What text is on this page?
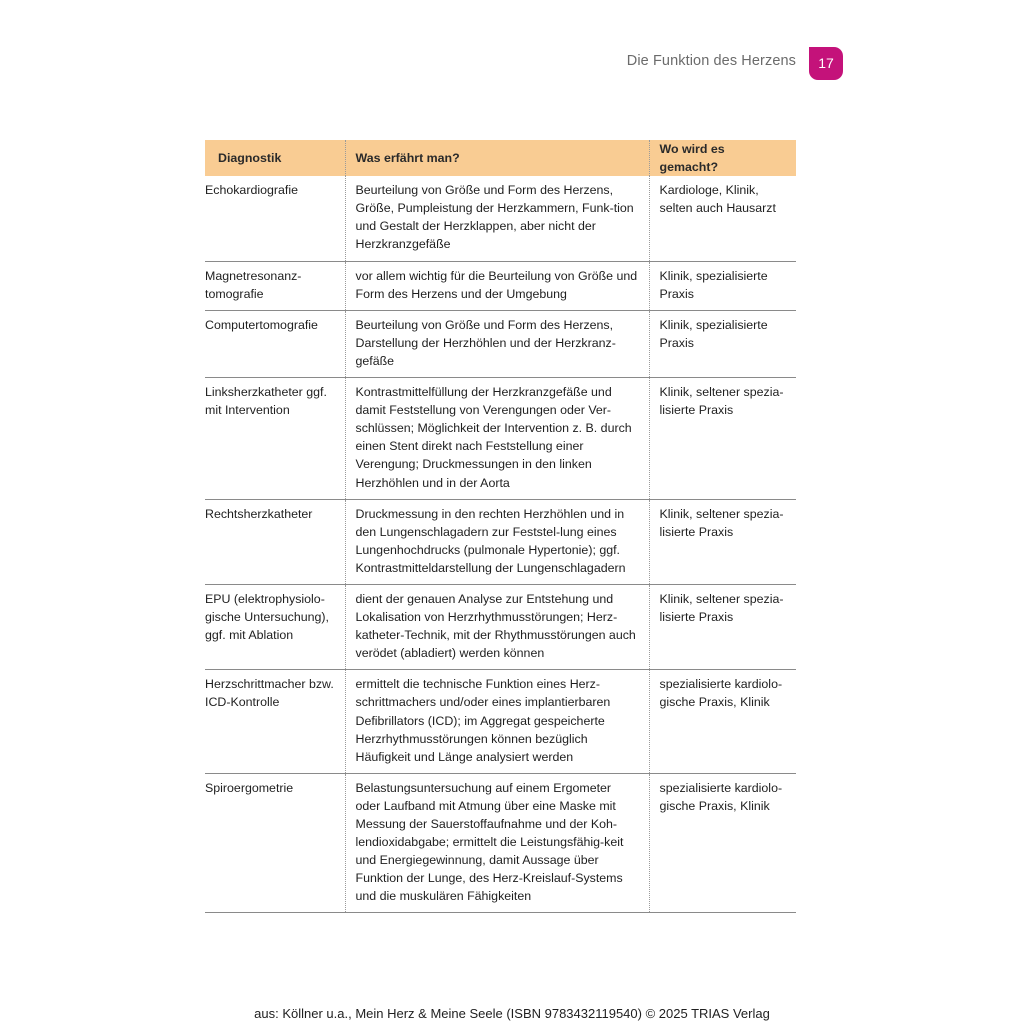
Die Funktion des Herzens	17
Diagnostik	Was erfährt man?	Wo wird es gemacht?
Echokardiografie	Beurteilung von Größe und Form des Herzens, Größe, Pumpleistung der Herzkammern, Funk-tion und Gestalt der Herzklappen, aber nicht der Herzkranzgefäße	Kardiologe, Klinik, selten auch Hausarzt
Magnetresonanz-tomografie	vor allem wichtig für die Beurteilung von Größe und Form des Herzens und der Umgebung	Klinik, spezialisierte Praxis
Computertomografie	Beurteilung von Größe und Form des Herzens, Darstellung der Herzhöhlen und der Herzkranz-gefäße	Klinik, spezialisierte Praxis
Linksherzkatheter ggf. mit Intervention	Kontrastmittelfüllung der Herzkranzgefäße und damit Feststellung von Verengungen oder Ver-schlüssen; Möglichkeit der Intervention z. B. durch einen Stent direkt nach Feststellung einer Verengung; Druckmessungen in den linken Herzhöhlen und in der Aorta	Klinik, seltener spezia-lisierte Praxis
Rechtsherzkatheter	Druckmessung in den rechten Herzhöhlen und in den Lungenschlagadern zur Feststel-lung eines Lungenhochdrucks (pulmonale Hypertonie); ggf. Kontrastmitteldarstellung der Lungenschlagadern	Klinik, seltener spezia-lisierte Praxis
EPU (elektrophysiolo-gische Untersuchung), ggf. mit Ablation	dient der genauen Analyse zur Entstehung und Lokalisation von Herzrhythmusstörungen; Herz-katheter-Technik, mit der Rhythmusstörungen auch verödet (abladiert) werden können	Klinik, seltener spezia-lisierte Praxis
Herzschrittmacher bzw. ICD-Kontrolle	ermittelt die technische Funktion eines Herz-schrittmachers und/oder eines implantierbaren Defibrillators (ICD); im Aggregat gespeicherte Herzrhythmusstörungen können bezüglich Häufigkeit und Länge analysiert werden	spezialisierte kardiolo-gische Praxis, Klinik
Spiroergometrie	Belastungsuntersuchung auf einem Ergometer oder Laufband mit Atmung über eine Maske mit Messung der Sauerstoffaufnahme und der Koh-lendioxidabgabe; ermittelt die Leistungsfähig-keit und Energiegewinnung, damit Aussage über Funktion der Lunge, des Herz-Kreislauf-Systems und die muskulären Fähigkeiten	spezialisierte kardiolo-gische Praxis, Klinik
aus: Köllner u.a., Mein Herz & Meine Seele (ISBN 9783432119540) © 2025 TRIAS Verlag
